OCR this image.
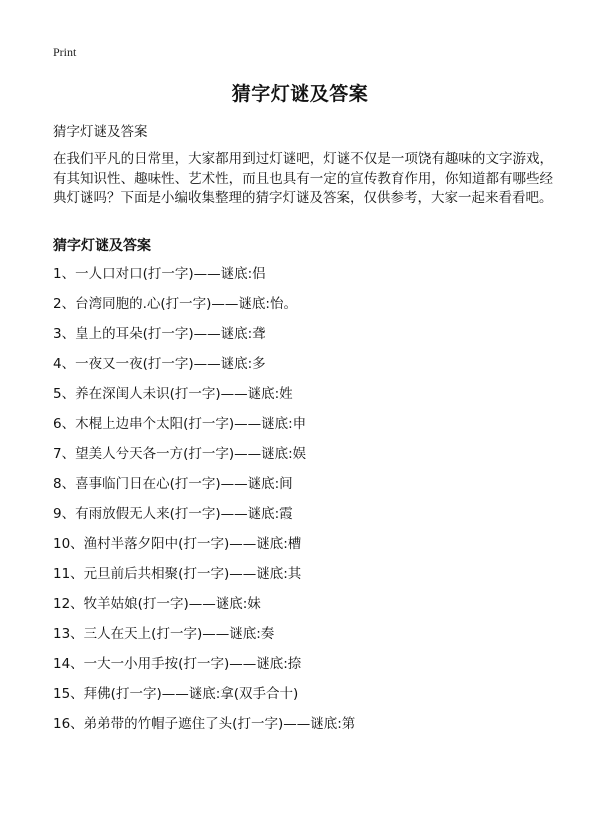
Print
猜字灯谜及答案
猜字灯谜及答案

在我们平凡的日常里，大家都用到过灯谜吧，灯谜不仅是一项饶有趣味的文字游戏，有其知识性、趣味性、艺术性，而且也具有一定的宣传教育作用，你知道都有哪些经典灯谜吗？下面是小编收集整理的猜字灯谜及答案，仅供参考，大家一起来看看吧。

猜字灯谜及答案
1、一人口对口(打一字)——谜底:侣
2、台湾同胞的.心(打一字)——谜底:怡。
3、皇上的耳朵(打一字)——谜底:聋
4、一夜又一夜(打一字)——谜底:多
5、养在深闺人未识(打一字)——谜底:姓
6、木棍上边串个太阳(打一字)——谜底:申
7、望美人兮天各一方(打一字)——谜底:娱
8、喜事临门日在心(打一字)——谜底:间
9、有雨放假无人来(打一字)——谜底:霞
10、渔村半落夕阳中(打一字)——谜底:槽
11、元旦前后共相聚(打一字)——谜底:其
12、牧羊姑娘(打一字)——谜底:妹
13、三人在天上(打一字)——谜底:奏
14、一大一小用手按(打一字)——谜底:捺
15、拜佛(打一字)——谜底:拿(双手合十)
16、弟弟带的竹帽子遮住了头(打一字)——谜底:第
